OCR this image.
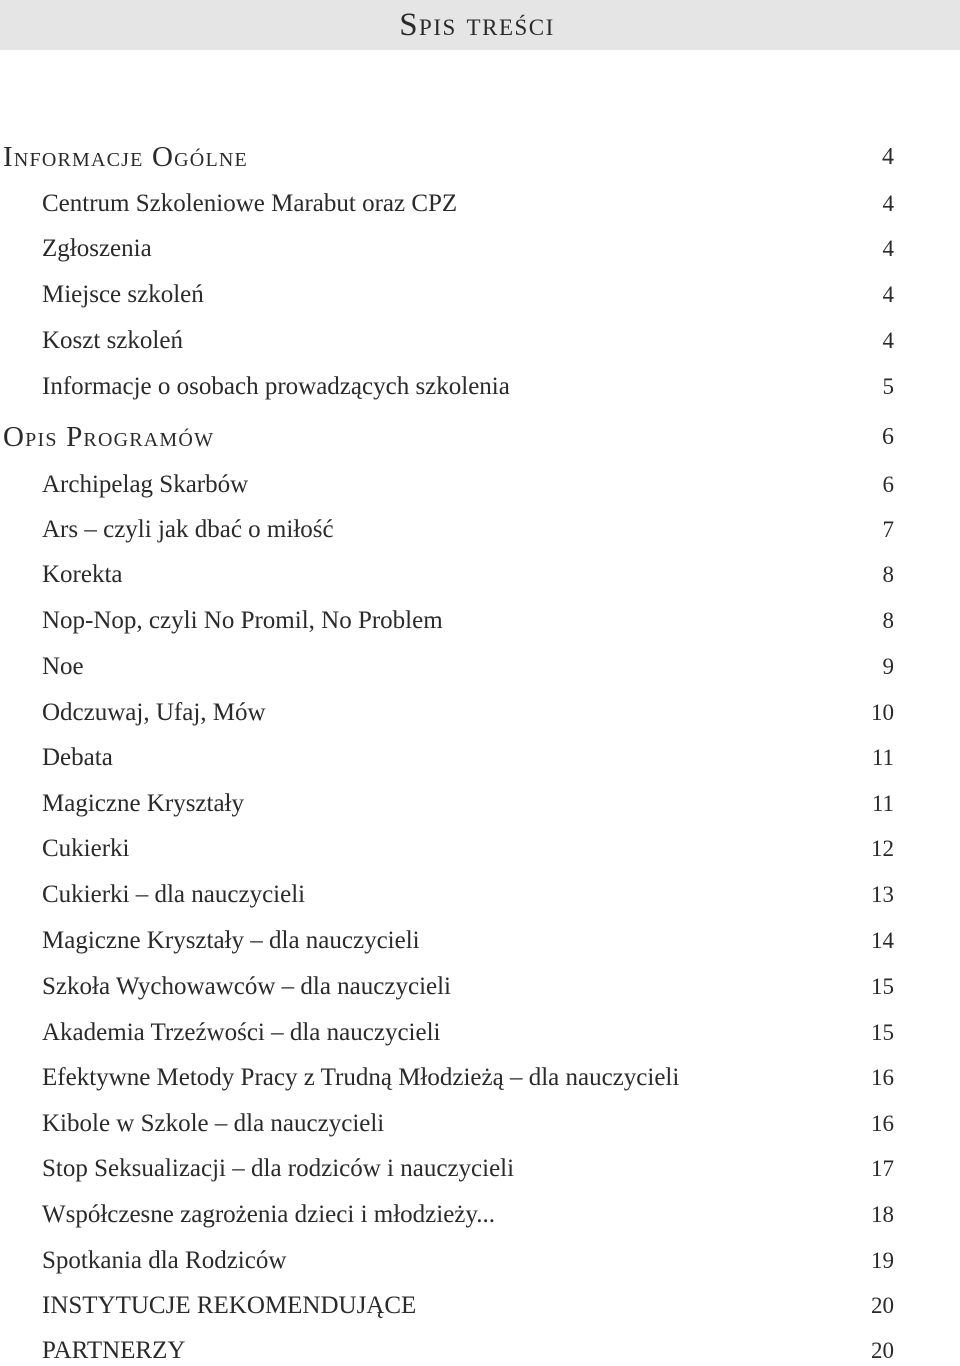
Spis treści
Informacje Ogólne	4
Centrum Szkoleniowe Marabut oraz CPZ	4
Zgłoszenia	4
Miejsce szkoleń	4
Koszt szkoleń	4
Informacje o osobach prowadzących szkolenia	5
Opis Programów	6
Archipelag Skarbów	6
Ars – czyli jak dbać o miłość	7
Korekta	8
Nop-Nop, czyli No Promil, No Problem	8
Noe	9
Odczuwaj, Ufaj, Mów	10
Debata	11
Magiczne Kryształy	11
Cukierki	12
Cukierki – dla nauczycieli	13
Magiczne Kryształy – dla nauczycieli	14
Szkoła Wychowawców – dla nauczycieli	15
Akademia Trzeźwości – dla nauczycieli	15
Efektywne Metody Pracy z Trudną Młodzieżą – dla nauczycieli	16
Kibole w Szkole – dla nauczycieli	16
Stop Seksualizacji – dla rodziców i nauczycieli	17
Współczesne zagrożenia dzieci i młodzieży...	18
Spotkania dla Rodziców	19
INSTYTUCJE REKOMENDUJĄCE	20
PARTNERZY	20
